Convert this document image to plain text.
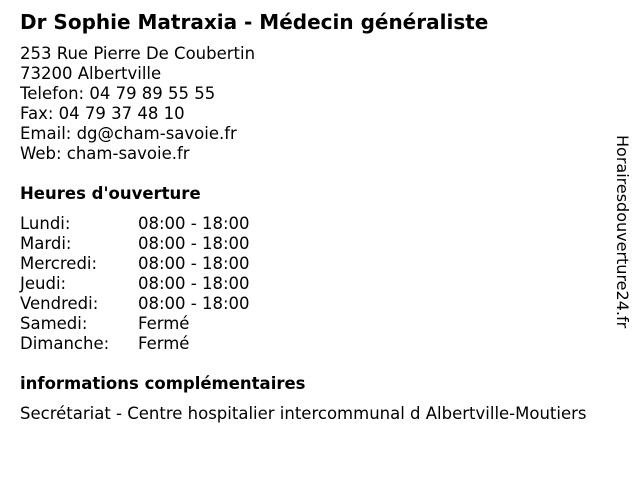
Dr Sophie Matraxia - Médecin généraliste
253 Rue Pierre De Coubertin
73200 Albertville
Telefon: 04 79 89 55 55
Fax: 04 79 37 48 10
Email: dg@cham-savoie.fr
Web: cham-savoie.fr
Heures d'ouverture
Lundi:	08:00 - 18:00
Mardi:	08:00 - 18:00
Mercredi:	08:00 - 18:00
Jeudi:	08:00 - 18:00
Vendredi:	08:00 - 18:00
Samedi:	Fermé
Dimanche:	Fermé
informations complémentaires
Secrétariat - Centre hospitalier intercommunal d Albertville-Moutiers
Horairesdouverture24.fr
